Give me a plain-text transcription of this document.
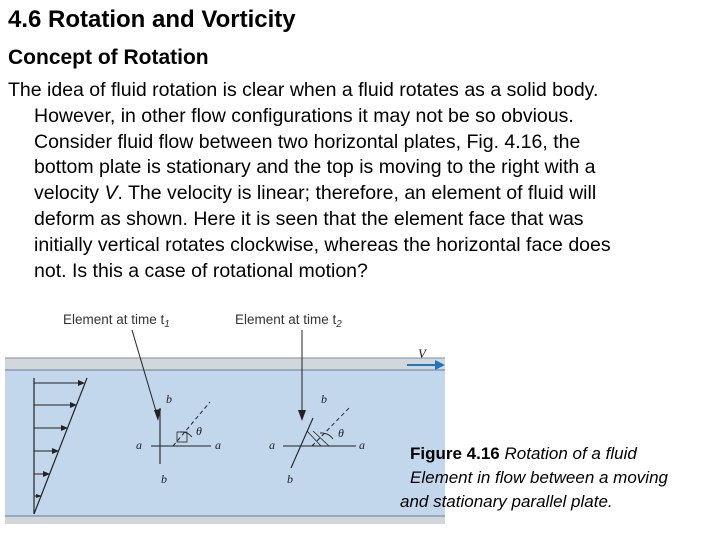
4.6 Rotation and Vorticity
Concept of Rotation
The idea of fluid rotation is clear when a fluid rotates as a solid body.
However, in other flow configurations it may not be so obvious.
Consider fluid flow between two horizontal plates, Fig. 4.16, the
bottom plate is stationary and the top is moving to the right with a
velocity V. The velocity is linear; therefore, an element of fluid will
deform as shown. Here it is seen that the element face that was
initially vertical rotates clockwise, whereas the horizontal face does
not. Is this a case of rotational motion?
Element at time $t_1$	Element at time $t_2$
V
b
b
a	a
θ
b
b
a	a
θ
Figure 4.16 Rotation of a fluid
Element in flow between a moving
and stationary parallel plate.
